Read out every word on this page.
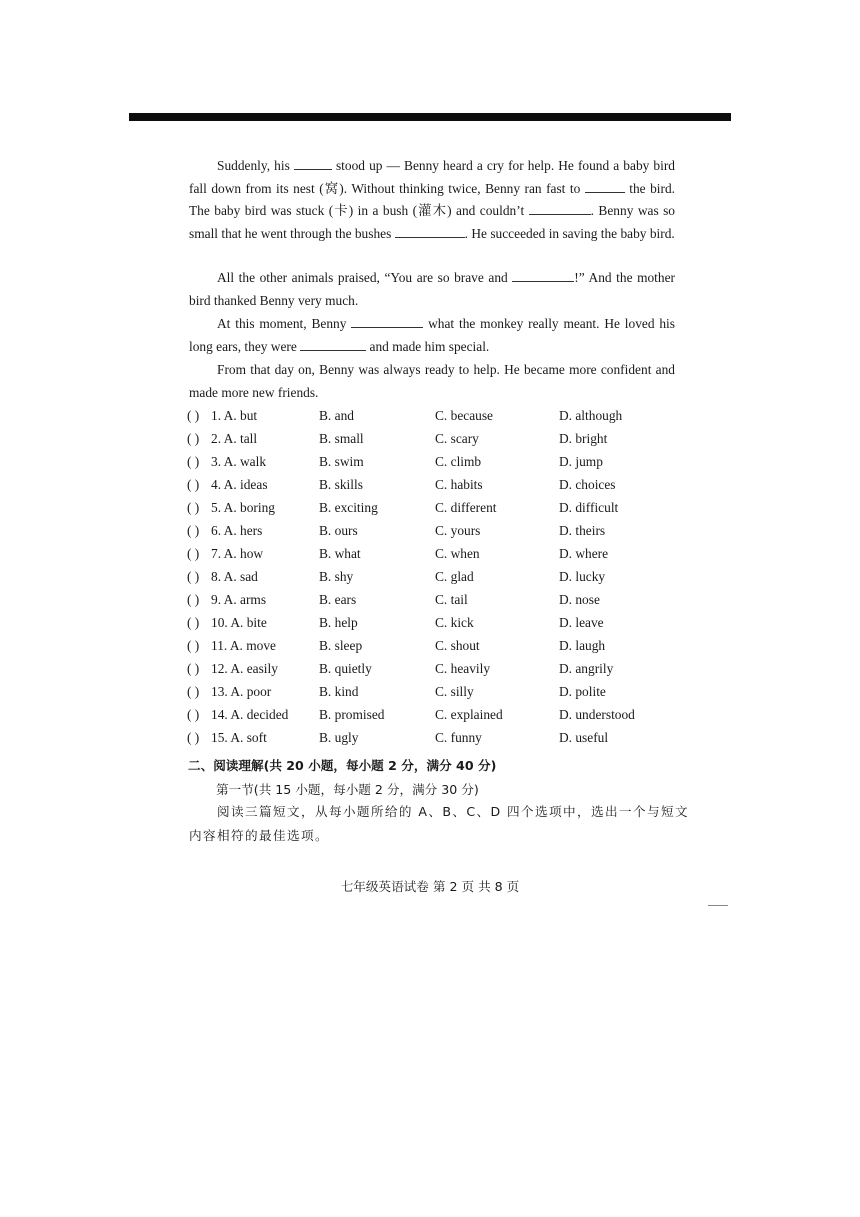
Suddenly, his	stood up — Benny heard a cry for help. He found a baby bird fall down from its nest (窝). Without thinking twice, Benny ran fast to	the bird. The baby bird was stuck (卡) in a bush (灌木) and couldn’t	. Benny was so small that he went through the bushes	. He succeeded in saving the baby bird.
All the other animals praised, “You are so brave and	!” And the mother bird thanked Benny very much.
At this moment, Benny	what the monkey really meant. He loved his long ears, they were	and made him special.
From that day on, Benny was always ready to help. He became more confident and made more new friends.
( ) 1. A. but	B. and	C. because	D. although
( ) 2. A. tall	B. small	C. scary	D. bright
( ) 3. A. walk	B. swim	C. climb	D. jump
( ) 4. A. ideas	B. skills	C. habits	D. choices
( ) 5. A. boring	B. exciting	C. different	D. difficult
( ) 6. A. hers	B. ours	C. yours	D. theirs
( ) 7. A. how	B. what	C. when	D. where
( ) 8. A. sad	B. shy	C. glad	D. lucky
( ) 9. A. arms	B. ears	C. tail	D. nose
( ) 10. A. bite	B. help	C. kick	D. leave
( ) 11. A. move	B. sleep	C. shout	D. laugh
( ) 12. A. easily	B. quietly	C. heavily	D. angrily
( ) 13. A. poor	B. kind	C. silly	D. polite
( ) 14. A. decided B. promised	C. explained	D. understood
( ) 15. A. soft	B. ugly	C. funny	D. useful
二、阅读理解(共 20 小题，每小题 2 分，满分 40 分)
第一节(共 15 小题，每小题 2 分，满分 30 分)
阅读三篇短文，从每小题所给的 A、B、C、D 四个选项中，选出一个与短文内容相符的最佳选项。
七年级英语试卷 第 2 页 共 8 页
